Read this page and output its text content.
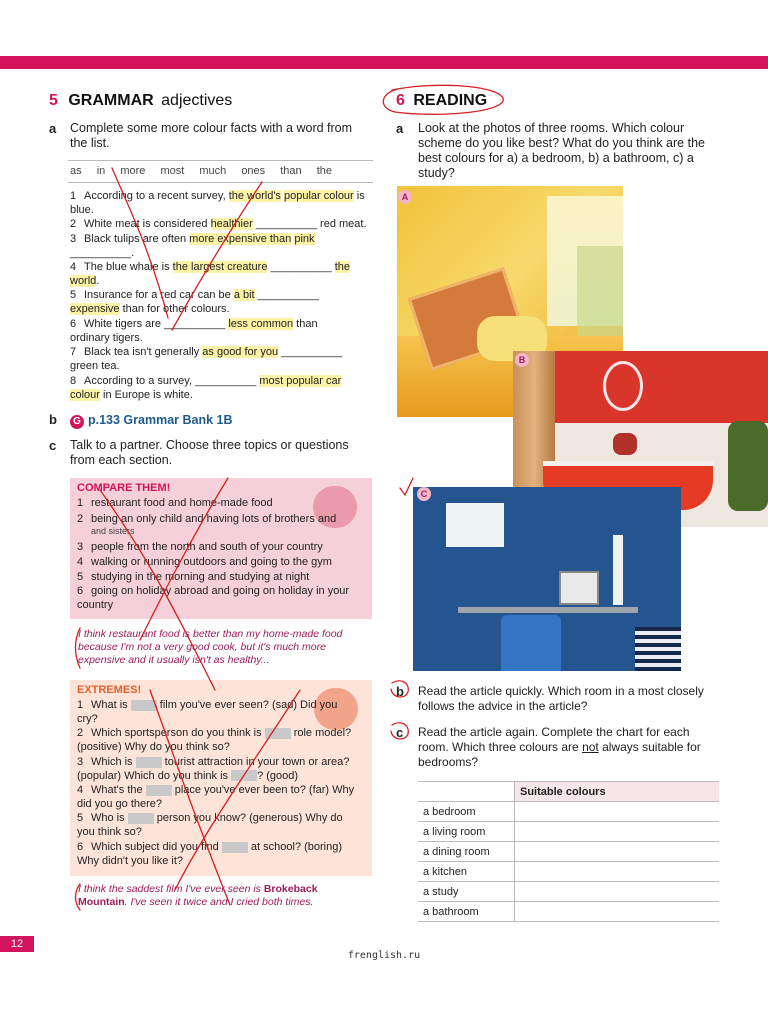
5 GRAMMAR adjectives
a Complete some more colour facts with a word from the list.
as in more most much ones than the
1 According to a recent survey, the world's popular colour is blue.
2 White meat is considered healthier __________ red meat.
3 Black tulips are often more expensive than pink __________.
4 The blue whale is the largest creature __________ the world.
5 Insurance for a red car can be a bit __________ expensive than for other colours.
6 White tigers are __________ less common than ordinary tigers.
7 Black tea isn't generally as good for you __________ green tea.
8 According to a survey, __________ most popular car colour in Europe is white.
b	G p.133 Grammar Bank 1B
c Talk to a partner. Choose three topics or questions from each section.
COMPARE THEM!
1 restaurant food and home-made food
2 being an only child and having lots of brothers and
and sisters
3 people from the north and south of your country
4 walking or running outdoors and going to the gym
5 studying in the morning and studying at night
6 going on holiday abroad and going on holiday in your country
I think restaurant food is better than my home-made food because I'm not a very good cook, but it's much more expensive and it usually isn't as healthy...
EXTREMES!
1 What is  film you've ever seen? (sad) Did you cry?
2 Which sportsperson do you think is  role model? (positive) Why do you think so?
3 Which is  tourist attraction in your town or area? (popular) Which do you think is ? (good)
4 What's the  place you've ever been to? (far) Why did you go there?
5 Who is  person you know? (generous) Why do you think so?
6 Which subject did you find  at school? (boring) Why didn't you like it?
I think the saddest film I've ever seen is Brokeback Mountain. I've seen it twice and I cried both times.
6 READING
a Look at the photos of three rooms. Which colour scheme do you like best? What do you think are the best colours for a) a bedroom, b) a bathroom, c) a study?
A
B
C
b Read the article quickly. Which room in a most closely follows the advice in the article?
c Read the article again. Complete the chart for each room. Which three colours are not always suitable for bedrooms?
	Suitable colours
a bedroom	
a living room	
a dining room	
a kitchen	
a study	
a bathroom	
12
frenglish.ru
